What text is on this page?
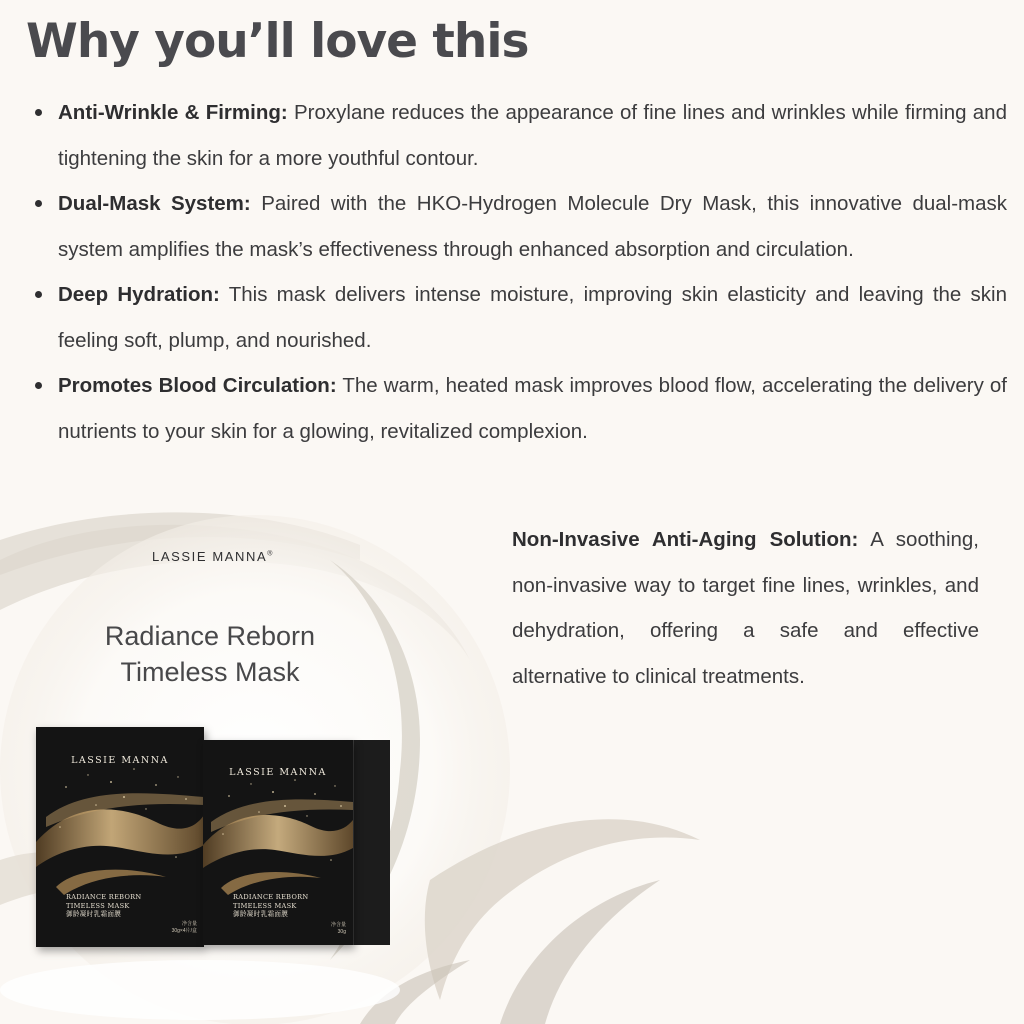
Why you’ll love this
Anti-Wrinkle & Firming: Proxylane reduces the appearance of fine lines and wrinkles while firming and tightening the skin for a more youthful contour.
Dual-Mask System: Paired with the HKO-Hydrogen Molecule Dry Mask, this innovative dual-mask system amplifies the mask’s effectiveness through enhanced absorption and circulation.
Deep Hydration: This mask delivers intense moisture, improving skin elasticity and leaving the skin feeling soft, plump, and nourished.
Promotes Blood Circulation: The warm, heated mask improves blood flow, accelerating the delivery of nutrients to your skin for a glowing, revitalized complexion.

Non-Invasive Anti-Aging Solution: A soothing, non-invasive way to target fine lines, wrinkles, and dehydration, offering a safe and effective alternative to clinical treatments.

LASSIE MANNA®
Radiance Reborn
Timeless Mask
LASSIE MANNA
RADIANCE REBORN
TIMELESS MASK
御龄凝时乳霜面膜
净含量
30g×4片/盒
LASSIE MANNA
RADIANCE REBORN
TIMELESS MASK
御龄凝时乳霜面膜
净含量
30g
